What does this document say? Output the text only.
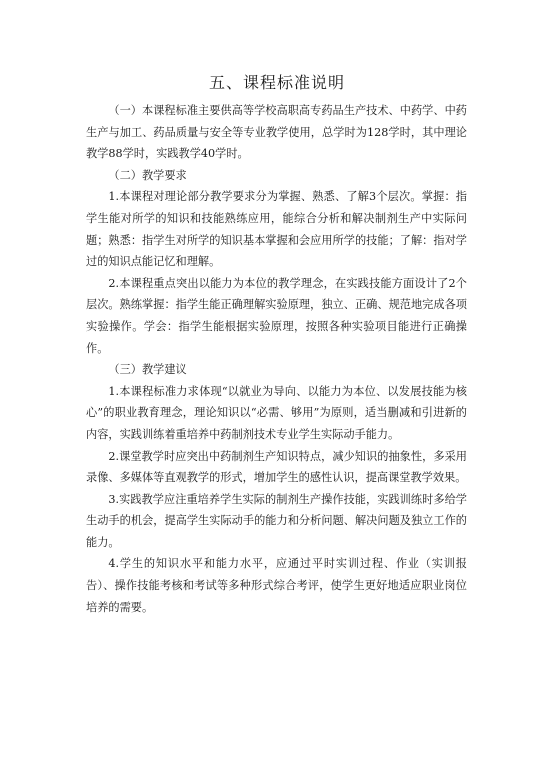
五、课程标准说明

（一）本课程标准主要供高等学校高职高专药品生产技术、中药学、中药生产与加工、药品质量与安全等专业教学使用，总学时为128学时，其中理论教学88学时，实践教学40学时。

（二）教学要求

1.本课程对理论部分教学要求分为掌握、熟悉、了解3个层次。掌握：指学生能对所学的知识和技能熟练应用，能综合分析和解决制剂生产中实际问题；熟悉：指学生对所学的知识基本掌握和会应用所学的技能；了解：指对学过的知识点能记忆和理解。

2.本课程重点突出以能力为本位的教学理念，在实践技能方面设计了2个层次。熟练掌握：指学生能正确理解实验原理，独立、正确、规范地完成各项实验操作。学会：指学生能根据实验原理，按照各种实验项目能进行正确操作。

（三）教学建议

1.本课程标准力求体现“以就业为导向、以能力为本位、以发展技能为核心”的职业教育理念，理论知识以“必需、够用”为原则，适当删减和引进新的内容，实践训练着重培养中药制剂技术专业学生实际动手能力。

2.课堂教学时应突出中药制剂生产知识特点，减少知识的抽象性，多采用录像、多媒体等直观教学的形式，增加学生的感性认识，提高课堂教学效果。

3.实践教学应注重培养学生实际的制剂生产操作技能，实践训练时多给学生动手的机会，提高学生实际动手的能力和分析问题、解决问题及独立工作的能力。

4.学生的知识水平和能力水平，应通过平时实训过程、作业（实训报告）、操作技能考核和考试等多种形式综合考评，使学生更好地适应职业岗位培养的需要。
